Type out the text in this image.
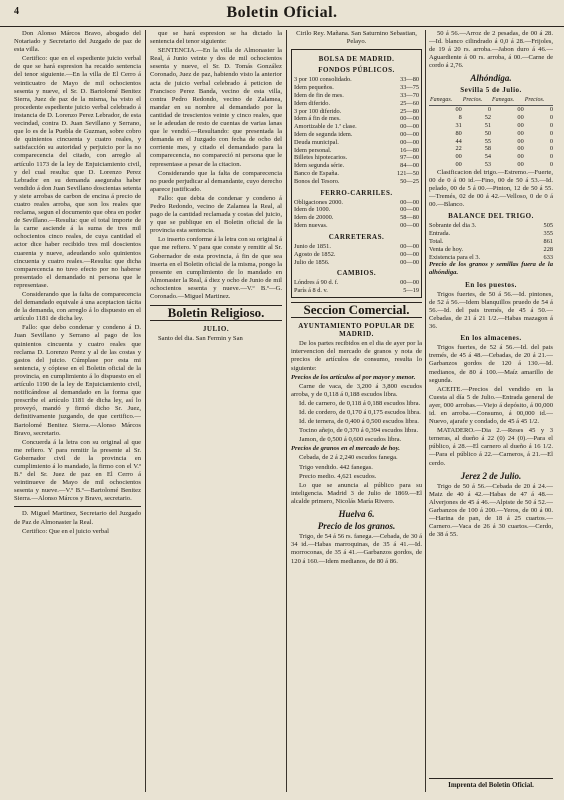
4	Boletin Oficial.

Don Alonso Márcos Bravo, abogado del Notariado y Secretario del Juzgado de paz de esta villa.

Certifico: que en el espediente juicio verbal de que se hará espresion ha recaido sentencia del tenor siguiente.—En la villa de El Cerro á veinticuatro de Mayo de mil ochocientos sesenta y nueve, el Sr. D. Bartolomé Benitez Sierra, Juez de paz de la misma, ha visto el procedente espediente juicio verbal celebrado á instancia de D. Lorenzo Perez Lebrador, de esta vecindad, contra D. Juan Sevillano y Serrano, que lo es de la Puebla de Guzman, sobre cobro de quinientos cincuenta y cuatro reales, y satisfacción su autoridad y perjuicio por la no comparecencia del citado, con arreglo al artículo 1173 de la ley de Enjuiciamiento civil, y del cual resulta: que D. Lorenzo Perez Lebrador en su demanda aseguraba haber vendido á don Juan Sevillano doscientas setenta y siete arrobas de carbon de encina á precio de cuatro reales arroba, que son los reales que reclama, segun el documento que obra en poder de Sevillano.—Resulta: que el total importe de la carne asciende á la suma de tres mil ochocientos cinco reales, de cuya cantidad el actor dice haber recibido tres mil doscientos cuarenta y nueve, adeudando solo quinientos cincuenta y cuatro reales.—Resulta: que dicha comparecencia no tuvo efecto por no haberse presentado el demandado ni persona que le representase.

Considerando que la falta de comparecencia del demandado equivale á una aceptacion tácita de la demanda, con arreglo á lo dispuesto en el artículo 1181 de dicha ley.

Fallo: que debo condenar y condeno á D. Juan Sevillano y Serrano al pago de los quinientos cincuenta y cuatro reales que reclama D. Lorenzo Perez y al de las costas y gastos del juicio. Cúmplase por esta mi sentencia, y cópiese en el Boletin oficial de la provincia, en cumplimiento á lo dispuesto en el artículo 1190 de la ley de Enjuiciamiento civil, notificándose al demandado en la forma que prescribe el artículo 1181 de dicha ley, así lo proveyó, mandó y firmó dicho Sr. Juez, definitivamente juzgando, de que certifico.—Bartolomé Benitez Sierra.—Alonso Márcos Bravo, secretario.

Concuerda á la letra con su original al que me refiero. Y para remitir la presente al Sr. Gobernador civil de la provincia en cumplimiento á lo mandado, la firmo con el V.º B.º del Sr. Juez de paz en El Cerro á veintinueve de Mayo de mil ochocientos sesenta y nueve.—V.º B.º—Bartolomé Benitez Sierra.—Alonso Márcos y Bravo, secretario.

D. Miguel Martinez, Secretario del Juzgado de Paz de Almonaster la Real.

Certifico: Que en el juicio verbal

que se hará espresion se ha dictado la sentencia del tenor siguiente:

SENTENCIA.—En la villa de Almonaster la Real, á Junio veinte y dos de mil ochocientos sesenta y nueve, el Sr. D. Tomás González Coronado, Juez de paz, habiendo visto la anterior acta de juicio verbal celebrado á peticion de Francisco Perez Banda, vecino de esta villa, contra Pedro Redondo, vecino de Zalamea, mandar en su nombre al demandado por la cantidad de trescientos veinte y cinco reales, que se le adeudan de resto de cuentas de varias lanas que le vendió.—Resultando: que presentada la demanda en el Juzgado con fecha de ocho del corriente mes, y citado el demandado para la comparecencia, no compareció ni persona que le representase a pesar de la citacion.

Considerando que la falta de comparecencia no puede perjudicar al demandante, cuyo derecho aparece justificado.

Fallo: que debia de condenar y condeno á Pedro Redondo, vecino de Zalamea la Real, al pago de la cantidad reclamada y costas del juicio, y que se publique en el Boletin oficial de la provincia esta sentencia.

Lo inserto conforme á la letra con su original á que me refiero. Y para que conste y remitir al Sr. Gobernador de esta provincia, á fin de que sea inserta en el Boletin oficial de la misma, pongo la presente en cumplimiento de lo mandado en Almonaster la Real, á diez y ocho de Junio de mil ochocientos sesenta y nueve.—V.º B.º—G. Coronado.—Miguel Martinez.

Boletin Religioso.
JULIO.

Santo del dia. San Fermin y San

Cirilo Rey. Mañana. San Saturnino Sebastian, Pelayo.

BOLSA DE MADRID.
FONDOS PÚBLICOS.
3 por 100 consolidado.	33—80
Idem pequeños.	33—75
Idem de fin de mes.	33—70
Idem diferido.	25—60
3 por 100 diferido.	25—80
Idem á fin de mes.	00—00
Amortizable de 1.ª clase.	00—00
Idem de segunda idem.	00—00
Deuda municipal.	00—00
Idem personal.	16—80
Billetes hipotecarios.	97—00
Idem segunda série.	84—00
Banco de España.	121—50
Bonos del Tesoro.	50—25
FERRO-CARRILES.
Obligaciones 2000.	00—00
Idem de 1000.	00—00
Idem de 20000.	58—80
Idem nuevas.	00—00
CARRETERAS.
Junio de 1851.	00—00
Agosto de 1852.	00—00
Julio de 1856.	00—00
CAMBIOS.
Lóndres á 90 d. f.	00—00
París á 8 d. v.	5—19
Seccion Comercial.
AYUNTAMIENTO POPULAR DE MADRID.

De los partes recibidos en el dia de ayer por la intervencion del mercado de granos y nota de precios de artículos de consumo, resulta lo siguiente:

Precios de los artículos al por mayor y menor.

Carne de vaca, de 3,200 á 3,800 escudos arroba, y de 0,118 á 0,188 escudos libra.

Id. de carnero, de 0,118 á 0,188 escudos libra.

Id. de cordero, de 0,170 á 0,175 escudos libra.

Id. de ternera, de 0,400 á 0,500 escudos libra.

Tocino añejo, de 0,370 á 0,394 escudos libra.

Jamon, de 0,500 á 0,600 escudos libra.

Precios de granos en el mercado de hoy.

Cebada, de 2 á 2,240 escudos fanega.

Trigo vendido. 442 fanegas.

Precio medio. 4,621 escudos.

Lo que se anuncia al público para su inteligencia. Madrid 3 de Julio de 1869.—El alcalde primero, Nicolás María Rivero.

Huelva 6.
Precio de los granos.

Trigo, de 54 á 56 rs. fanega.—Cebada, de 30 á 34 id.—Habas marroquinas, de 35 á 41.—Id. morroconas, de 35 á 41.—Garbanzos gordos, de 120 á 160.—Idem medianos, de 80 á 86.

50 á 56.—Arroz de 2 pesadas, de 00 á 28.—Id. blanco cilindrado á 0,0 á 28.—Frijoles, de 19 á 20 rs. arroba.—Jabon duro á 46.—Aguardiente á 00 rs. arroba, á 00.—Carne de cordo á 2,76.

Alhóndiga.
Sevilla 5 de Julio.
Fanegas.	Precios.	Fanegas.	Precios.
00	0	00	0
8	52	00	0
31	51	00	0
80	50	00	0
44	55	00	0
22	58	00	0
00	54	00	0
00	53	00	0

Clasificacion del trigo.—Estremo.—Fuerte, 00 de 0 á 00 id.—Fino, 00 de 50 á 53.—Id. pelado, 00 de 5 á 00.—Pinton, 12 de 50 á 55.—Tremés, 02 de 00 á 42.—Velloso, 0 de 0 á 00.—Blanco.

BALANCE DEL TRIGO.
Sobrante del dia 3.	505
Entrada.	355
Total.	861
Venta de hoy.	228
Existencia para el 3.	633

Precio de los granos y semillas fuera de la alhóndiga.

En los puestos.

Trigos fuertes, de 50 á 56.—Id. pintones, de 52 á 56.—Idem blanquillos pruedo de 54 á 56.—Id. del pais tremés, de 45 á 50.—Cebadas, de 21 á 21 1/2.—Habas mazagon á 36.

En los almacenes.

Trigos fuertes, de 52 á 56.—Id. del pais tremés, de 45 á 48.—Cebadas, de 20 á 21.—Garbanzos gordos de 120 á 130.—Id. medianos, de 80 á 100.—Maíz amarillo de segunda.

ACEITE.—Precios del vendido en la Cuesta al día 5 de Julio.—Entrada general de ayer, 000 arrobas.—Viejo á depósito, á 00,000 id. en arroba.—Consumo, á 00,000 id.—Nuevo, ajarafe y condado, de 45 á 45 1/2.

MATADERO.—Dia 2.—Reses 45 y 3 terneras, al dueño á 22 (0) 24 (0).—Para el público, á 28.—El carnero al dueño á 16 1/2.—Para el público á 22.—Carneros, á 21.—El cerdo.

Jerez 2 de Julio.

Trigo de 50 á 56.—Cebada de 20 á 24.—Maiz de 40 á 42.—Habas de 47 á 48.—Alverjones de 45 á 46.—Alpiste de 50 á 52.—Garbanzos de 100 á 200.—Yeros, de 00 á 00.—Harina de pan, de 18 á 25 cuartos.—Carnero.—Vaca de 26 á 30 cuartos.—Cerdo, de 38 á 55.

Imprenta del Boletin Oficial.
